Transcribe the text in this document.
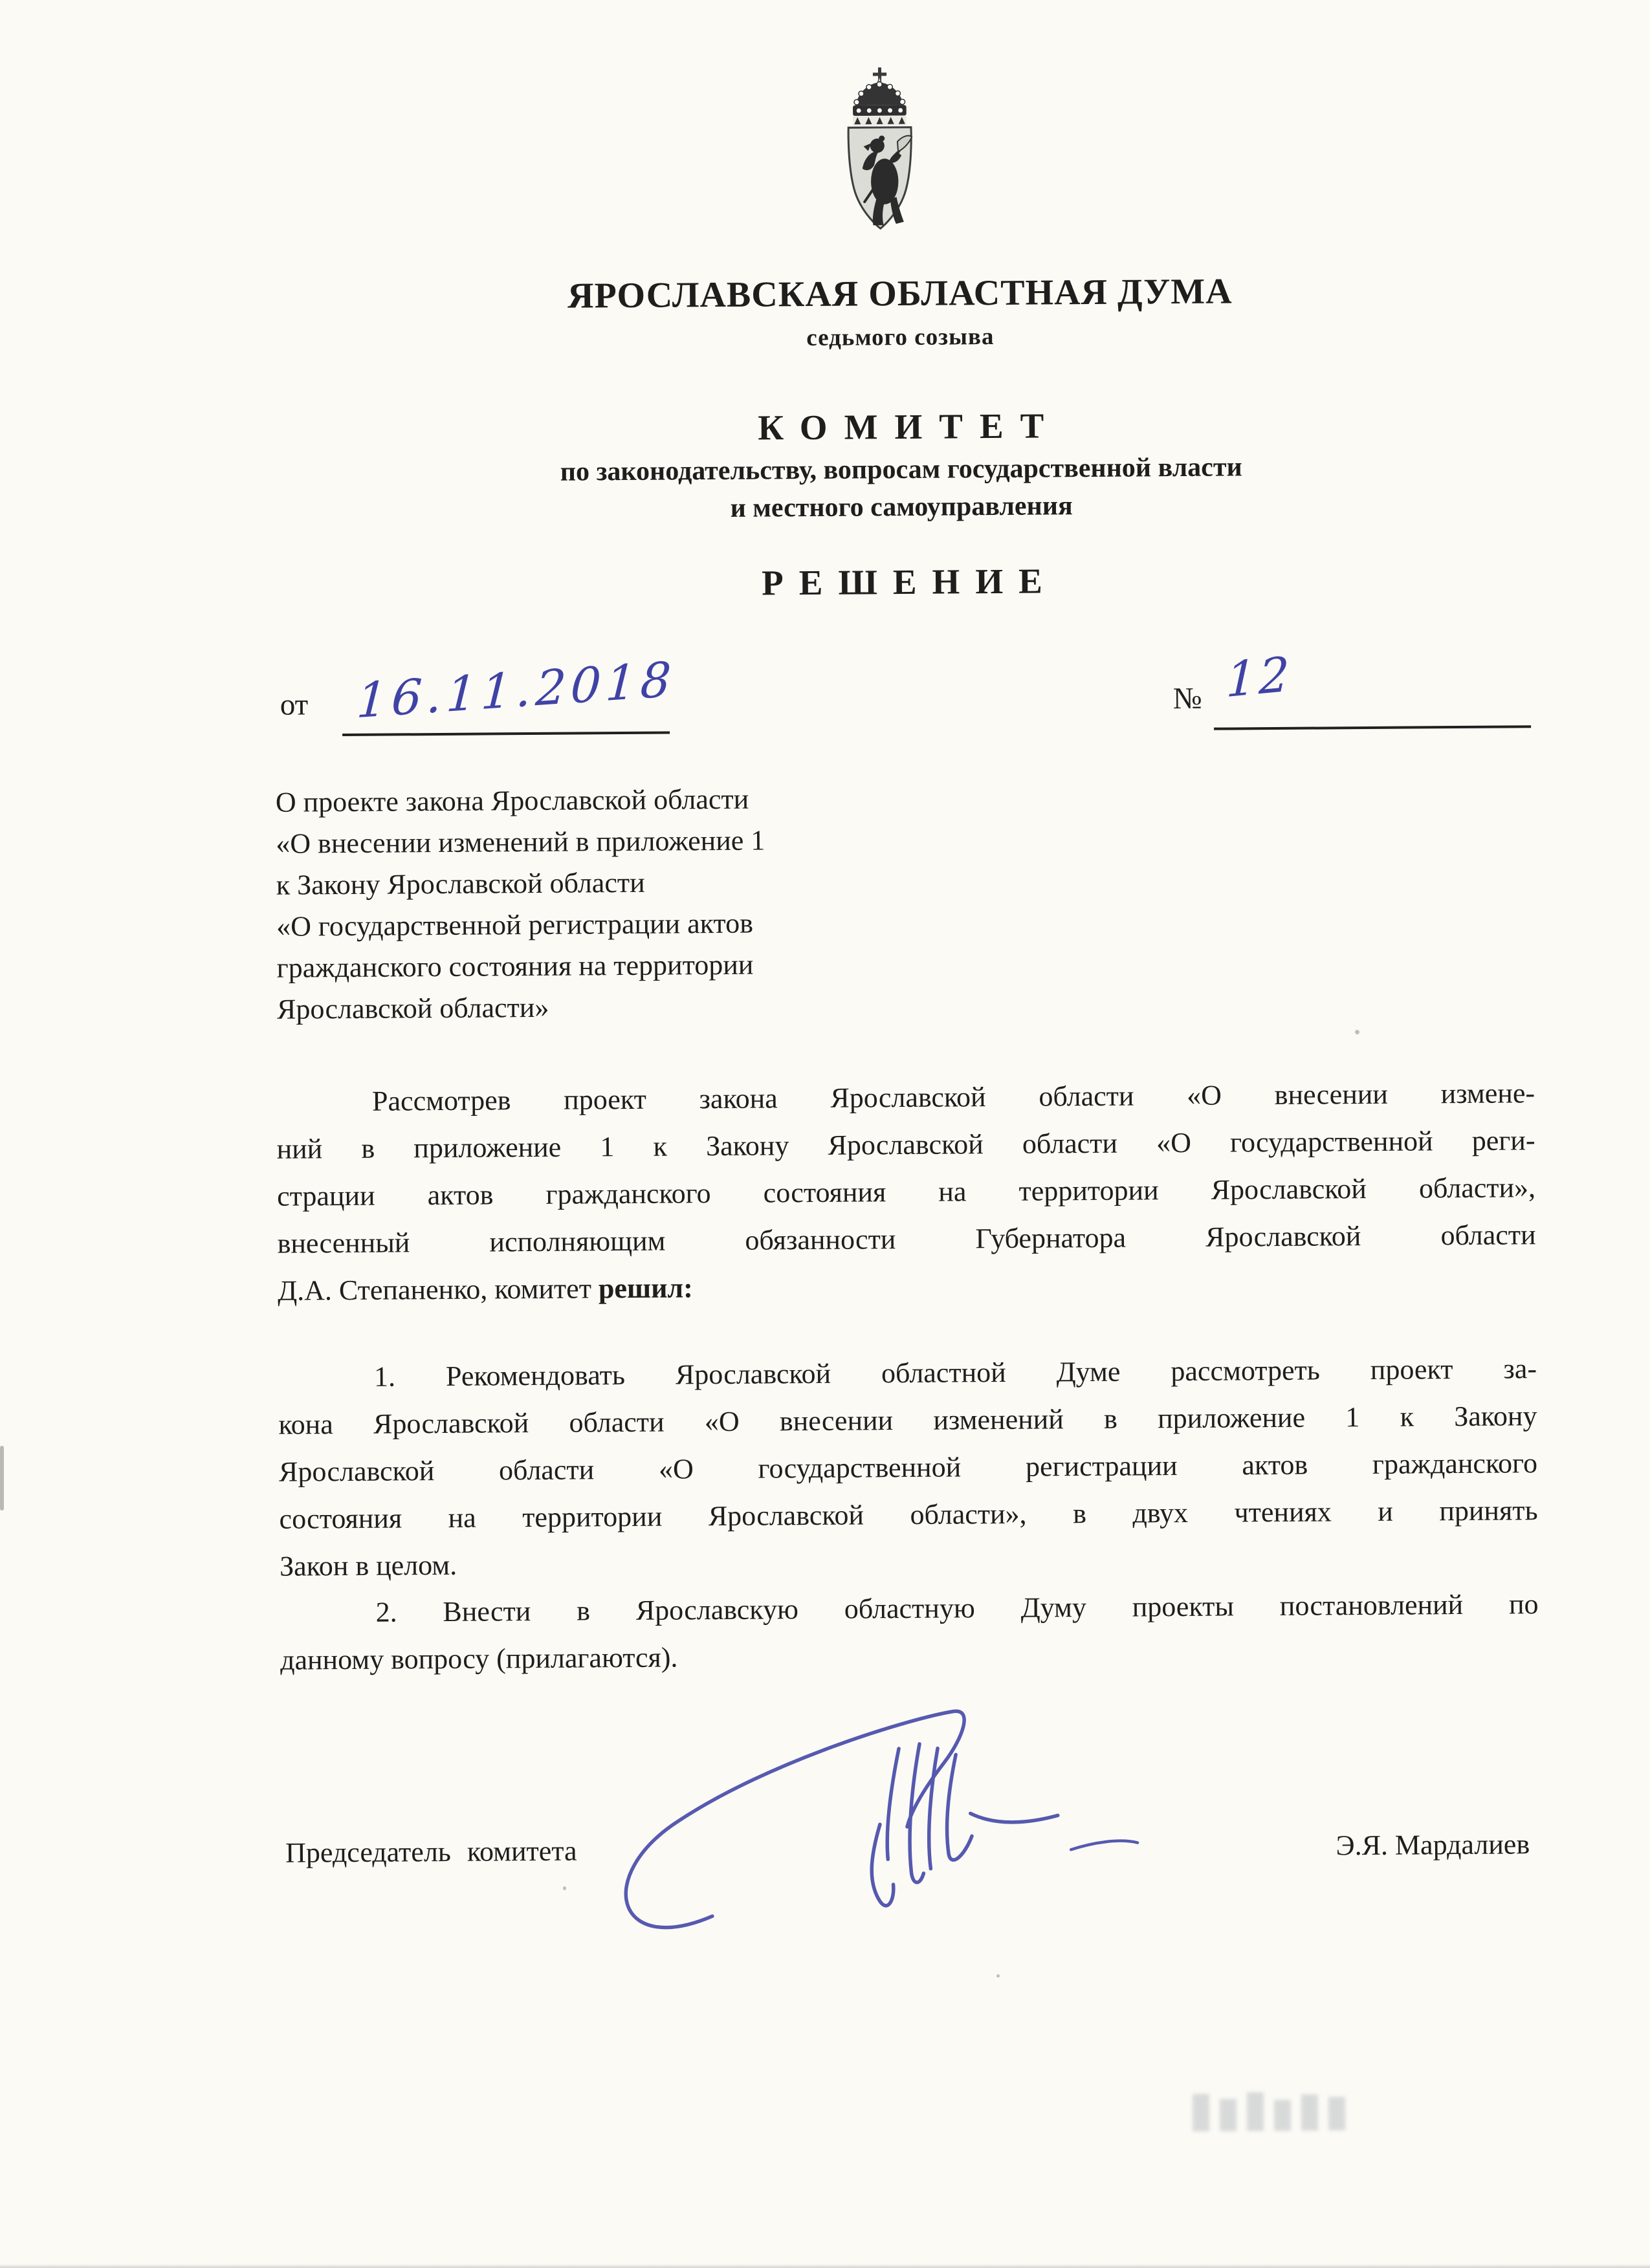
ЯРОСЛАВСКАЯ ОБЛАСТНАЯ ДУМА
седьмого созыва
КОМИТЕТ
по законодательству, вопросам государственной власти
и местного самоуправления
РЕШЕНИЕ
от 16.11.2018	№ 12
О проекте закона Ярославской области
«О внесении изменений в приложение 1
к Закону Ярославской области
«О государственной регистрации актов
гражданского состояния на территории
Ярославской области»
Рассмотрев проект закона Ярославской области «О внесении измене-
ний в приложение 1 к Закону Ярославской области «О государственной реги-
страции актов гражданского состояния на территории Ярославской области»,
внесенный исполняющим обязанности Губернатора Ярославской области
Д.А. Степаненко, комитет решил:
1. Рекомендовать Ярославской областной Думе рассмотреть проект за-
кона Ярославской области «О внесении изменений в приложение 1 к Закону
Ярославской области «О государственной регистрации актов гражданского
состояния на территории Ярославской области», в двух чтениях и принять
Закон в целом.
2. Внести в Ярославскую областную Думу проекты постановлений по
данному вопросу (прилагаются).
Председатель комитета	Э.Я. Мардалиев
